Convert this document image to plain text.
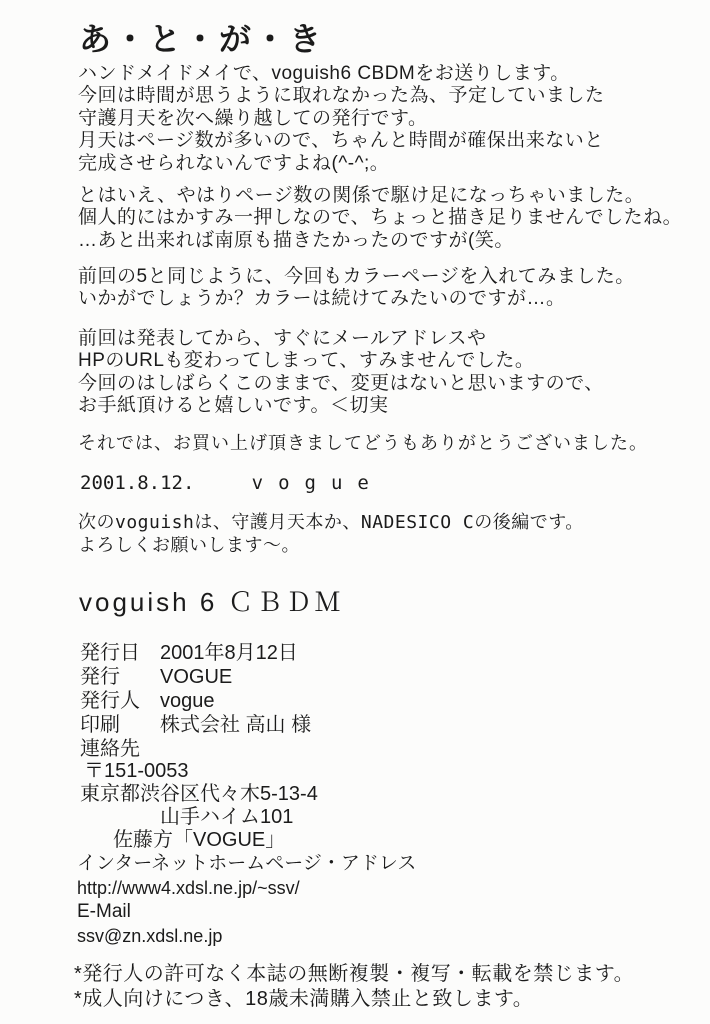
あ・と・が・き
ハンドメイドメイで、voguish6 CBDMをお送りします。
今回は時間が思うように取れなかった為、予定していました
守護月天を次へ繰り越しての発行です。
月天はページ数が多いので、ちゃんと時間が確保出来ないと
完成させられないんですよね(^-^;。
とはいえ、やはりページ数の関係で駆け足になっちゃいました。
個人的にはかすみ一押しなので、ちょっと描き足りませんでしたね。
…あと出来れば南原も描きたかったのですが(笑。
前回の5と同じように、今回もカラーページを入れてみました。
いかがでしょうか？カラーは続けてみたいのですが…。
前回は発表してから、すぐにメールアドレスや
HPのURLも変わってしまって、すみませんでした。
今回のはしばらくこのままで、変更はないと思いますので、
お手紙頂けると嬉しいです。＜切実
それでは、お買い上げ頂きましてどうもありがとうございました。
2001.8.12.	vogue
次のvoguishは、守護月天本か、NADESICO Cの後編です。
よろしくお願いします～。
voguish 6 ＣＢＤＭ
発行日 2001年8月12日
発行 VOGUE
発行人 vogue
印刷 株式会社 高山 様
連絡先
〒151-0053
東京都渋谷区代々木5-13-4
山手ハイム101
佐藤方「VOGUE」
インターネットホームページ・アドレス
http://www4.xdsl.ne.jp/~ssv/
E-Mail
ssv@zn.xdsl.ne.jp
*発行人の許可なく本誌の無断複製・複写・転載を禁じます。
*成人向けにつき、18歳未満購入禁止と致します。
